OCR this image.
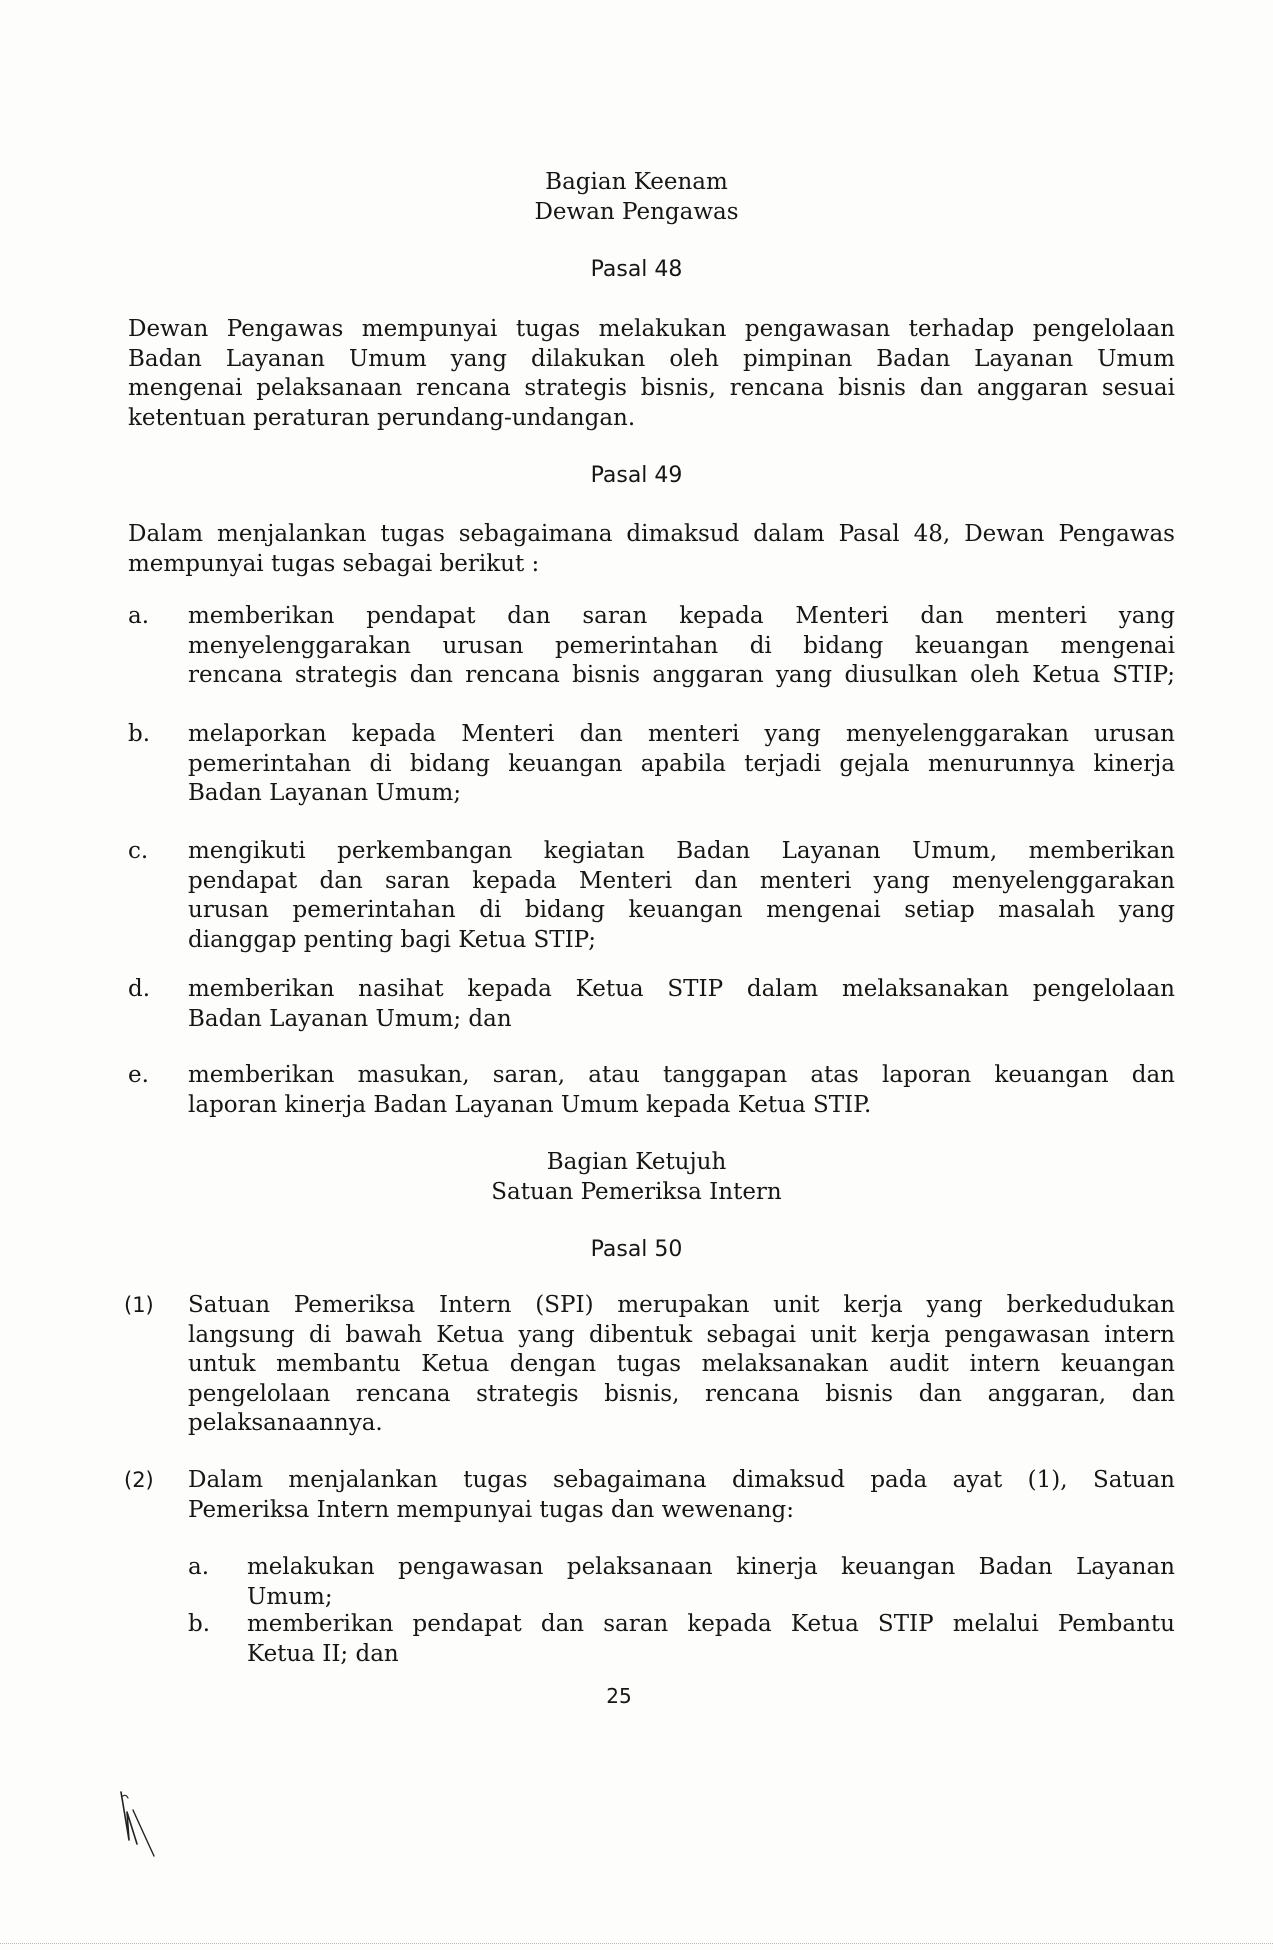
Bagian Keenam
Dewan Pengawas
Pasal 48
Dewan Pengawas mempunyai tugas melakukan pengawasan terhadap pengelolaan
Badan Layanan Umum yang dilakukan oleh pimpinan Badan Layanan Umum
mengenai pelaksanaan rencana strategis bisnis, rencana bisnis dan anggaran sesuai
ketentuan peraturan perundang-undangan.
Pasal 49
Dalam menjalankan tugas sebagaimana dimaksud dalam Pasal 48, Dewan Pengawas
mempunyai tugas sebagai berikut :
a. memberikan pendapat dan saran kepada Menteri dan menteri yang
menyelenggarakan urusan pemerintahan di bidang keuangan mengenai
rencana strategis dan rencana bisnis anggaran yang diusulkan oleh Ketua STIP;
b. melaporkan kepada Menteri dan menteri yang menyelenggarakan urusan
pemerintahan di bidang keuangan apabila terjadi gejala menurunnya kinerja
Badan Layanan Umum;
c. mengikuti perkembangan kegiatan Badan Layanan Umum, memberikan
pendapat dan saran kepada Menteri dan menteri yang menyelenggarakan
urusan pemerintahan di bidang keuangan mengenai setiap masalah yang
dianggap penting bagi Ketua STIP;
d. memberikan nasihat kepada Ketua STIP dalam melaksanakan pengelolaan
Badan Layanan Umum; dan
e. memberikan masukan, saran, atau tanggapan atas laporan keuangan dan
laporan kinerja Badan Layanan Umum kepada Ketua STIP.
Bagian Ketujuh
Satuan Pemeriksa Intern
Pasal 50
(1) Satuan Pemeriksa Intern (SPI) merupakan unit kerja yang berkedudukan
langsung di bawah Ketua yang dibentuk sebagai unit kerja pengawasan intern
untuk membantu Ketua dengan tugas melaksanakan audit intern keuangan
pengelolaan rencana strategis bisnis, rencana bisnis dan anggaran, dan
pelaksanaannya.
(2) Dalam menjalankan tugas sebagaimana dimaksud pada ayat (1), Satuan
Pemeriksa Intern mempunyai tugas dan wewenang:
a. melakukan pengawasan pelaksanaan kinerja keuangan Badan Layanan
Umum;
b. memberikan pendapat dan saran kepada Ketua STIP melalui Pembantu
Ketua II; dan
25
